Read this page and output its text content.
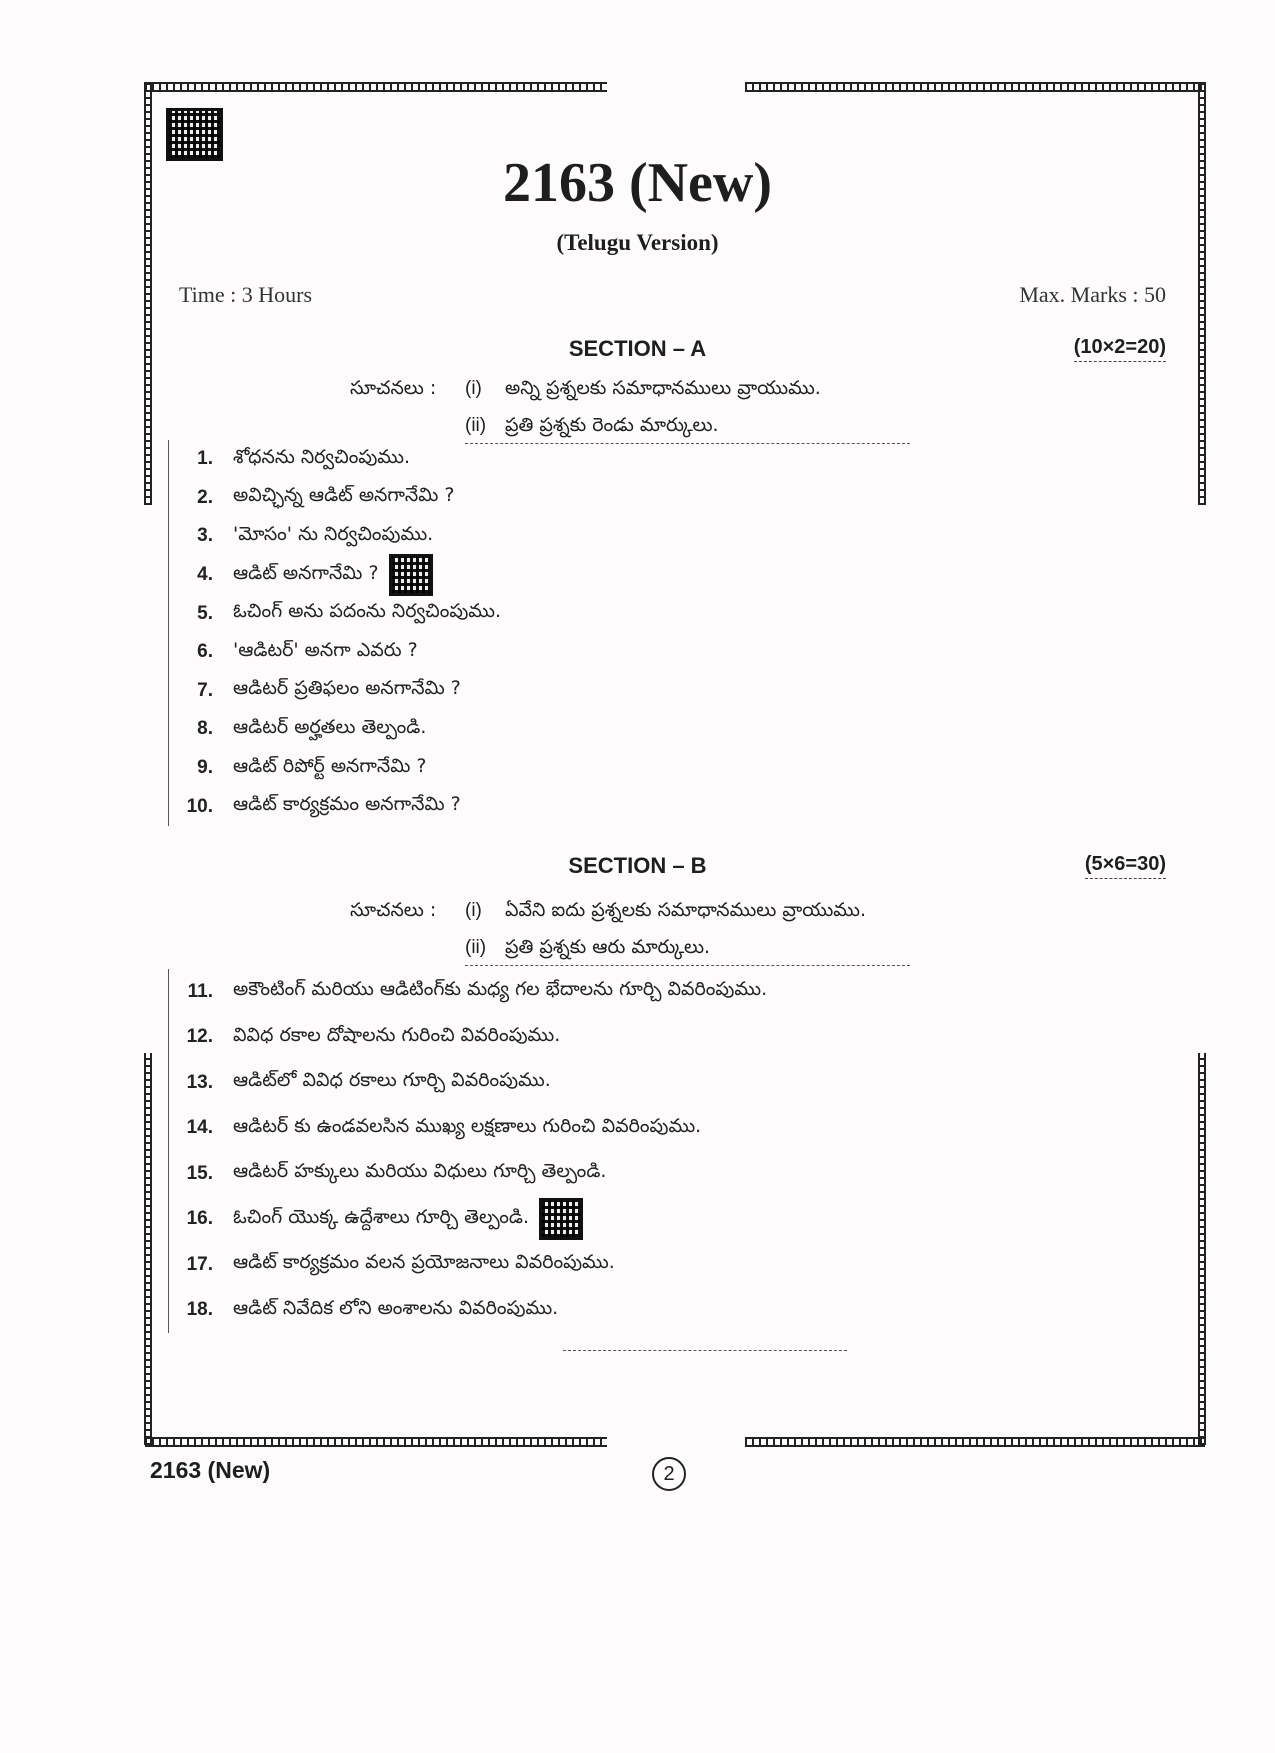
2163 (New)
(Telugu Version)
Time : 3 Hours	Max. Marks : 50
SECTION – A	(10×2=20)
సూచనలు :	(i)	అన్ని ప్రశ్నలకు సమాధానములు వ్రాయుము.
(ii) ప్రతి ప్రశ్నకు రెండు మార్కులు.
1. శోధనను నిర్వచింపుము.
2. అవిచ్ఛిన్న ఆడిట్ అనగానేమి ?
3. 'మోసం' ను నిర్వచింపుము.
4. ఆడిట్ అనగానేమి ?
5. ఓచింగ్ అను పదంను నిర్వచింపుము.
6. 'ఆడిటర్' అనగా ఎవరు ?
7. ఆడిటర్ ప్రతిఫలం అనగానేమి ?
8. ఆడిటర్ అర్హతలు తెల్పండి.
9. ఆడిట్ రిపోర్ట్ అనగానేమి ?
10. ఆడిట్ కార్యక్రమం అనగానేమి ?
SECTION – B	(5×6=30)
సూచనలు :	(i)	ఏవేని ఐదు ప్రశ్నలకు సమాధానములు వ్రాయుము.
(ii) ప్రతి ప్రశ్నకు ఆరు మార్కులు.
11. అకౌంటింగ్ మరియు ఆడిటింగ్‌కు మధ్య గల భేదాలను గూర్చి వివరింపుము.
12. వివిధ రకాల దోషాలను గురించి వివరింపుము.
13. ఆడిట్‌లో వివిధ రకాలు గూర్చి వివరింపుము.
14. ఆడిటర్ కు ఉండవలసిన ముఖ్య లక్షణాలు గురించి వివరింపుము.
15. ఆడిటర్ హక్కులు మరియు విధులు గూర్చి తెల్పండి.
16. ఓచింగ్ యొక్క ఉద్దేశాలు గూర్చి తెల్పండి.
17. ఆడిట్ కార్యక్రమం వలన ప్రయోజనాలు వివరింపుము.
18. ఆడిట్ నివేదిక లోని అంశాలను వివరింపుము.
2163 (New)	2
